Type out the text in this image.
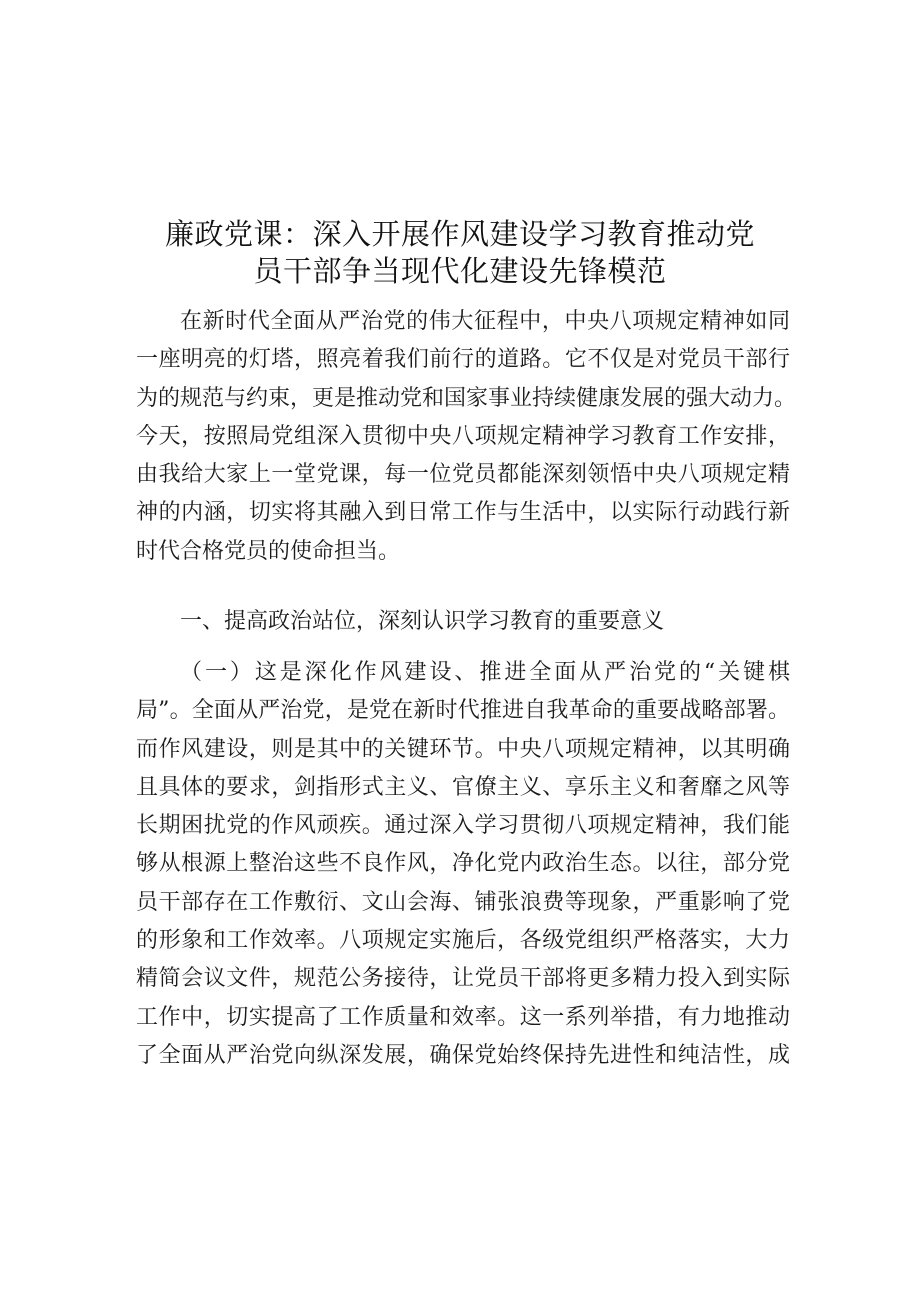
廉政党课：深入开展作风建设学习教育推动党
员干部争当现代化建设先锋模范
在新时代全面从严治党的伟大征程中，中央八项规定精神如同
一座明亮的灯塔，照亮着我们前行的道路。它不仅是对党员干部行
为的规范与约束，更是推动党和国家事业持续健康发展的强大动力。
今天，按照局党组深入贯彻中央八项规定精神学习教育工作安排，
由我给大家上一堂党课，每一位党员都能深刻领悟中央八项规定精
神的内涵，切实将其融入到日常工作与生活中，以实际行动践行新
时代合格党员的使命担当。
一、提高政治站位，深刻认识学习教育的重要意义
（一）这是深化作风建设、推进全面从严治党的“关键棋
局”。全面从严治党，是党在新时代推进自我革命的重要战略部署。
而作风建设，则是其中的关键环节。中央八项规定精神，以其明确
且具体的要求，剑指形式主义、官僚主义、享乐主义和奢靡之风等
长期困扰党的作风顽疾。通过深入学习贯彻八项规定精神，我们能
够从根源上整治这些不良作风，净化党内政治生态。以往，部分党
员干部存在工作敷衍、文山会海、铺张浪费等现象，严重影响了党
的形象和工作效率。八项规定实施后，各级党组织严格落实，大力
精简会议文件，规范公务接待，让党员干部将更多精力投入到实际
工作中，切实提高了工作质量和效率。这一系列举措，有力地推动
了全面从严治党向纵深发展，确保党始终保持先进性和纯洁性，成
